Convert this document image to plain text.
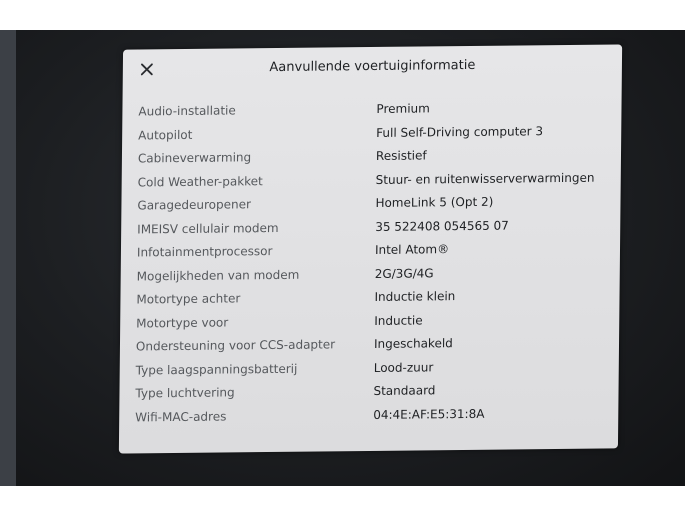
Aanvullende voertuiginformatie
Audio-installatie	Premium
Autopilot	Full Self-Driving computer 3
Cabineverwarming	Resistief
Cold Weather-pakket	Stuur- en ruitenwisserverwarmingen
Garagedeuropener	HomeLink 5 (Opt 2)
IMEISV cellulair modem	35 522408 054565 07
Infotainmentprocessor	Intel Atom®
Mogelijkheden van modem	2G/3G/4G
Motortype achter	Inductie klein
Motortype voor	Inductie
Ondersteuning voor CCS-adapter	Ingeschakeld
Type laagspanningsbatterij	Lood-zuur
Type luchtvering	Standaard
Wifi-MAC-adres	04:4E:AF:E5:31:8A
